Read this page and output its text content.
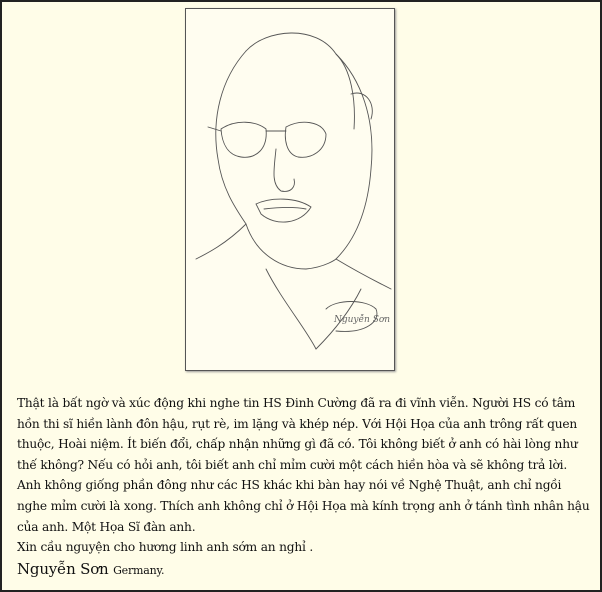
Nguyễn Sơn

Thật là bất ngờ và xúc động khi nghe tin HS Đinh Cường đã ra đi vĩnh viễn. Người HS có tâm hồn thi sĩ hiền lành đôn hậu, rụt rè, im lặng và khép nép. Với Hội Họa của anh trông rất quen thuộc, Hoài niệm. Ít biến đổi, chấp nhận những gì đã có. Tôi không biết ở anh có hài lòng như thế không? Nếu có hỏi anh, tôi biết anh chỉ mỉm cười một cách hiền hòa và sẽ không trả lời. Anh không giống phần đông như các HS khác khi bàn hay nói về Nghệ Thuật, anh chỉ ngồi nghe mỉm cười là xong. Thích anh không chỉ ở Hội Họa mà kính trọng anh ở tánh tình nhân hậu của anh. Một Họa Sĩ đàn anh.

Xin cầu nguyện cho hương linh anh sớm an nghỉ .

Nguyễn Sơn Germany.
